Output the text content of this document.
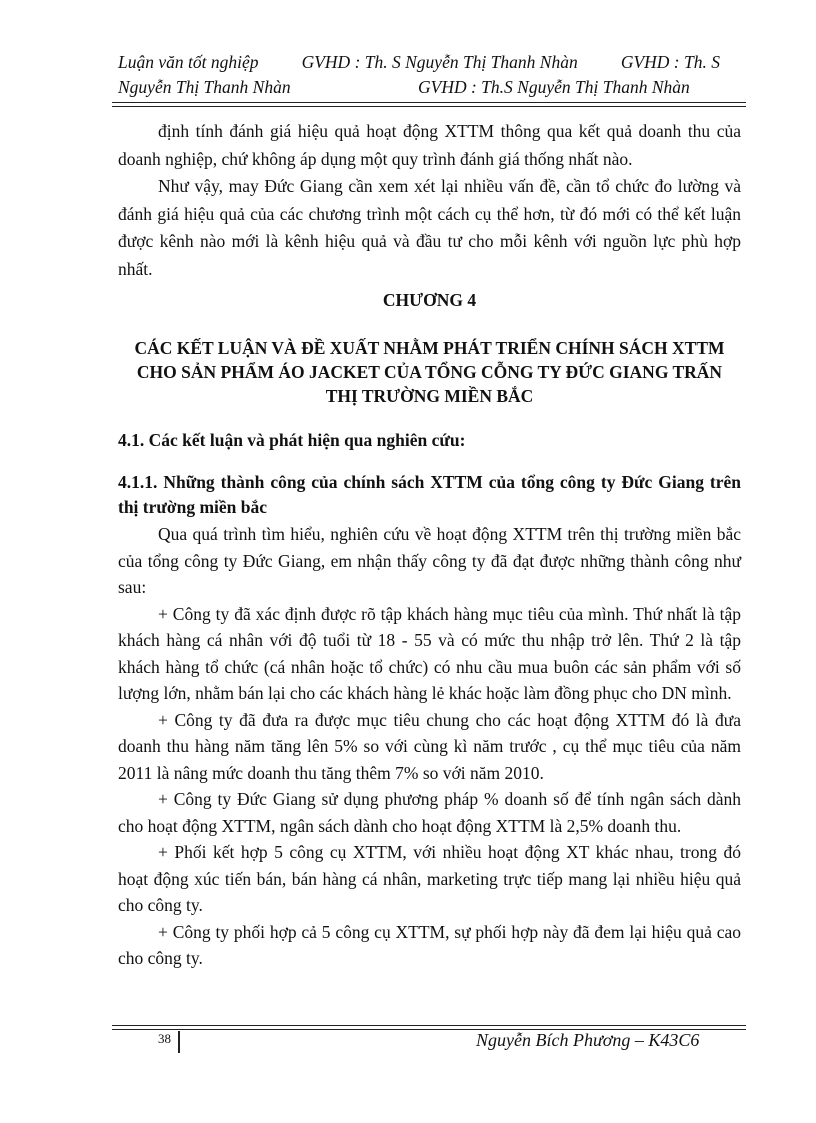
Luận văn tốt nghiệp GVHD : Th. S Nguyễn Thị Thanh Nhàn GVHD : Th. S
Nguyễn Thị Thanh Nhàn	GVHD : Th.S Nguyễn Thị Thanh Nhàn

định tính đánh giá hiệu quả hoạt động XTTM thông qua kết quả doanh thu của doanh nghiệp, chứ không áp dụng một quy trình đánh giá thống nhất nào.

Như vậy, may Đức Giang cần xem xét lại nhiều vấn đề, cần tổ chức đo lường và đánh giá hiệu quả của các chương trình một cách cụ thể hơn, từ đó mới có thể kết luận được kênh nào mới là kênh hiệu quả và đầu tư cho mỗi kênh với nguồn lực phù hợp nhất.

CHƯƠNG 4
CÁC KẾT LUẬN VÀ ĐỀ XUẤT NHẰM PHÁT TRIỂN CHÍNH SÁCH XTTM
CHO SẢN PHẨM ÁO JACKET CỦA TỔNG CỖNG TY ĐỨC GIANG TRẤN
THỊ TRƯỜNG MIỀN BẮC
4.1. Các kết luận và phát hiện qua nghiên cứu:
4.1.1. Những thành công của chính sách XTTM của tổng công ty Đức Giang trên thị trường miền bắc

Qua quá trình tìm hiểu, nghiên cứu về hoạt động XTTM trên thị trường miền bắc của tổng công ty Đức Giang, em nhận thấy công ty đã đạt được những thành công như sau:

+ Công ty đã xác định được rõ tập khách hàng mục tiêu của mình. Thứ nhất là tập khách hàng cá nhân với độ tuổi từ 18 - 55 và có mức thu nhập trở lên. Thứ 2 là tập khách hàng tổ chức (cá nhân hoặc tổ chức) có nhu cầu mua buôn các sản phẩm với số lượng lớn, nhằm bán lại cho các khách hàng lẻ khác hoặc làm đồng phục cho DN mình.

+ Công ty đã đưa ra được mục tiêu chung cho các hoạt động XTTM đó là đưa doanh thu hàng năm tăng lên 5% so với cùng kì năm trước , cụ thể mục tiêu của năm 2011 là nâng mức doanh thu tăng thêm 7% so với năm 2010.

+ Công ty Đức Giang sử dụng phương pháp % doanh số để tính ngân sách dành cho hoạt động XTTM, ngân sách dành cho hoạt động XTTM là 2,5% doanh thu.

+ Phối kết hợp 5 công cụ XTTM, với nhiều hoạt động XT khác nhau, trong đó hoạt động xúc tiến bán, bán hàng cá nhân, marketing trực tiếp mang lại nhiều hiệu quả cho công ty.

+ Công ty phối hợp cả 5 công cụ XTTM, sự phối hợp này đã đem lại hiệu quả cao cho công ty.

38	Nguyễn Bích Phương – K43C6
